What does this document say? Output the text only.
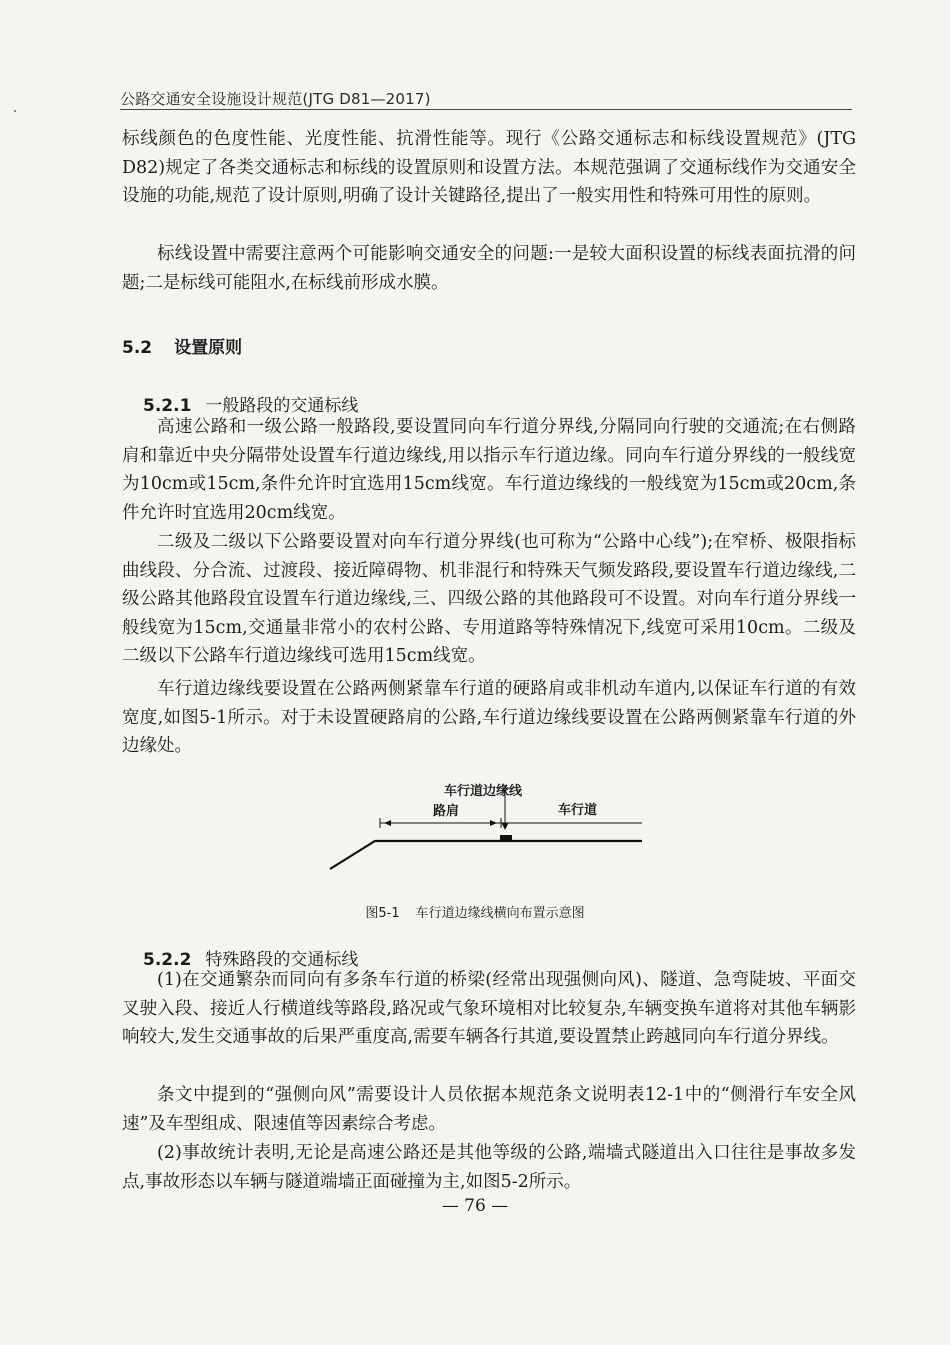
公路交通安全设施设计规范(JTG D81—2017)

标线颜色的色度性能、光度性能、抗滑性能等。现行《公路交通标志和标线设置规范》(JTG D82)规定了各类交通标志和标线的设置原则和设置方法。本规范强调了交通标线作为交通安全设施的功能,规范了设计原则,明确了设计关键路径,提出了一般实用性和特殊可用性的原则。

标线设置中需要注意两个可能影响交通安全的问题:一是较大面积设置的标线表面抗滑的问题;二是标线可能阻水,在标线前形成水膜。

5.2 设置原则
5.2.1 一般路段的交通标线

高速公路和一级公路一般路段,要设置同向车行道分界线,分隔同向行驶的交通流;在右侧路肩和靠近中央分隔带处设置车行道边缘线,用以指示车行道边缘。同向车行道分界线的一般线宽为10cm或15cm,条件允许时宜选用15cm线宽。车行道边缘线的一般线宽为15cm或20cm,条件允许时宜选用20cm线宽。

二级及二级以下公路要设置对向车行道分界线(也可称为“公路中心线”);在窄桥、极限指标曲线段、分合流、过渡段、接近障碍物、机非混行和特殊天气频发路段,要设置车行道边缘线,二级公路其他路段宜设置车行道边缘线,三、四级公路的其他路段可不设置。对向车行道分界线一般线宽为15cm,交通量非常小的农村公路、专用道路等特殊情况下,线宽可采用10cm。二级及二级以下公路车行道边缘线可选用15cm线宽。

车行道边缘线要设置在公路两侧紧靠车行道的硬路肩或非机动车道内,以保证车行道的有效宽度,如图5-1所示。对于未设置硬路肩的公路,车行道边缘线要设置在公路两侧紧靠车行道的外边缘处。

车行道边缘线
路肩	车行道
图5-1 车行道边缘线横向布置示意图
5.2.2 特殊路段的交通标线

(1)在交通繁杂而同向有多条车行道的桥梁(经常出现强侧向风)、隧道、急弯陡坡、平面交叉驶入段、接近人行横道线等路段,路况或气象环境相对比较复杂,车辆变换车道将对其他车辆影响较大,发生交通事故的后果严重度高,需要车辆各行其道,要设置禁止跨越同向车行道分界线。

条文中提到的“强侧向风”需要设计人员依据本规范条文说明表12-1中的“侧滑行车安全风速”及车型组成、限速值等因素综合考虑。

(2)事故统计表明,无论是高速公路还是其他等级的公路,端墙式隧道出入口往往是事故多发点,事故形态以车辆与隧道端墙正面碰撞为主,如图5-2所示。

— 76 —
